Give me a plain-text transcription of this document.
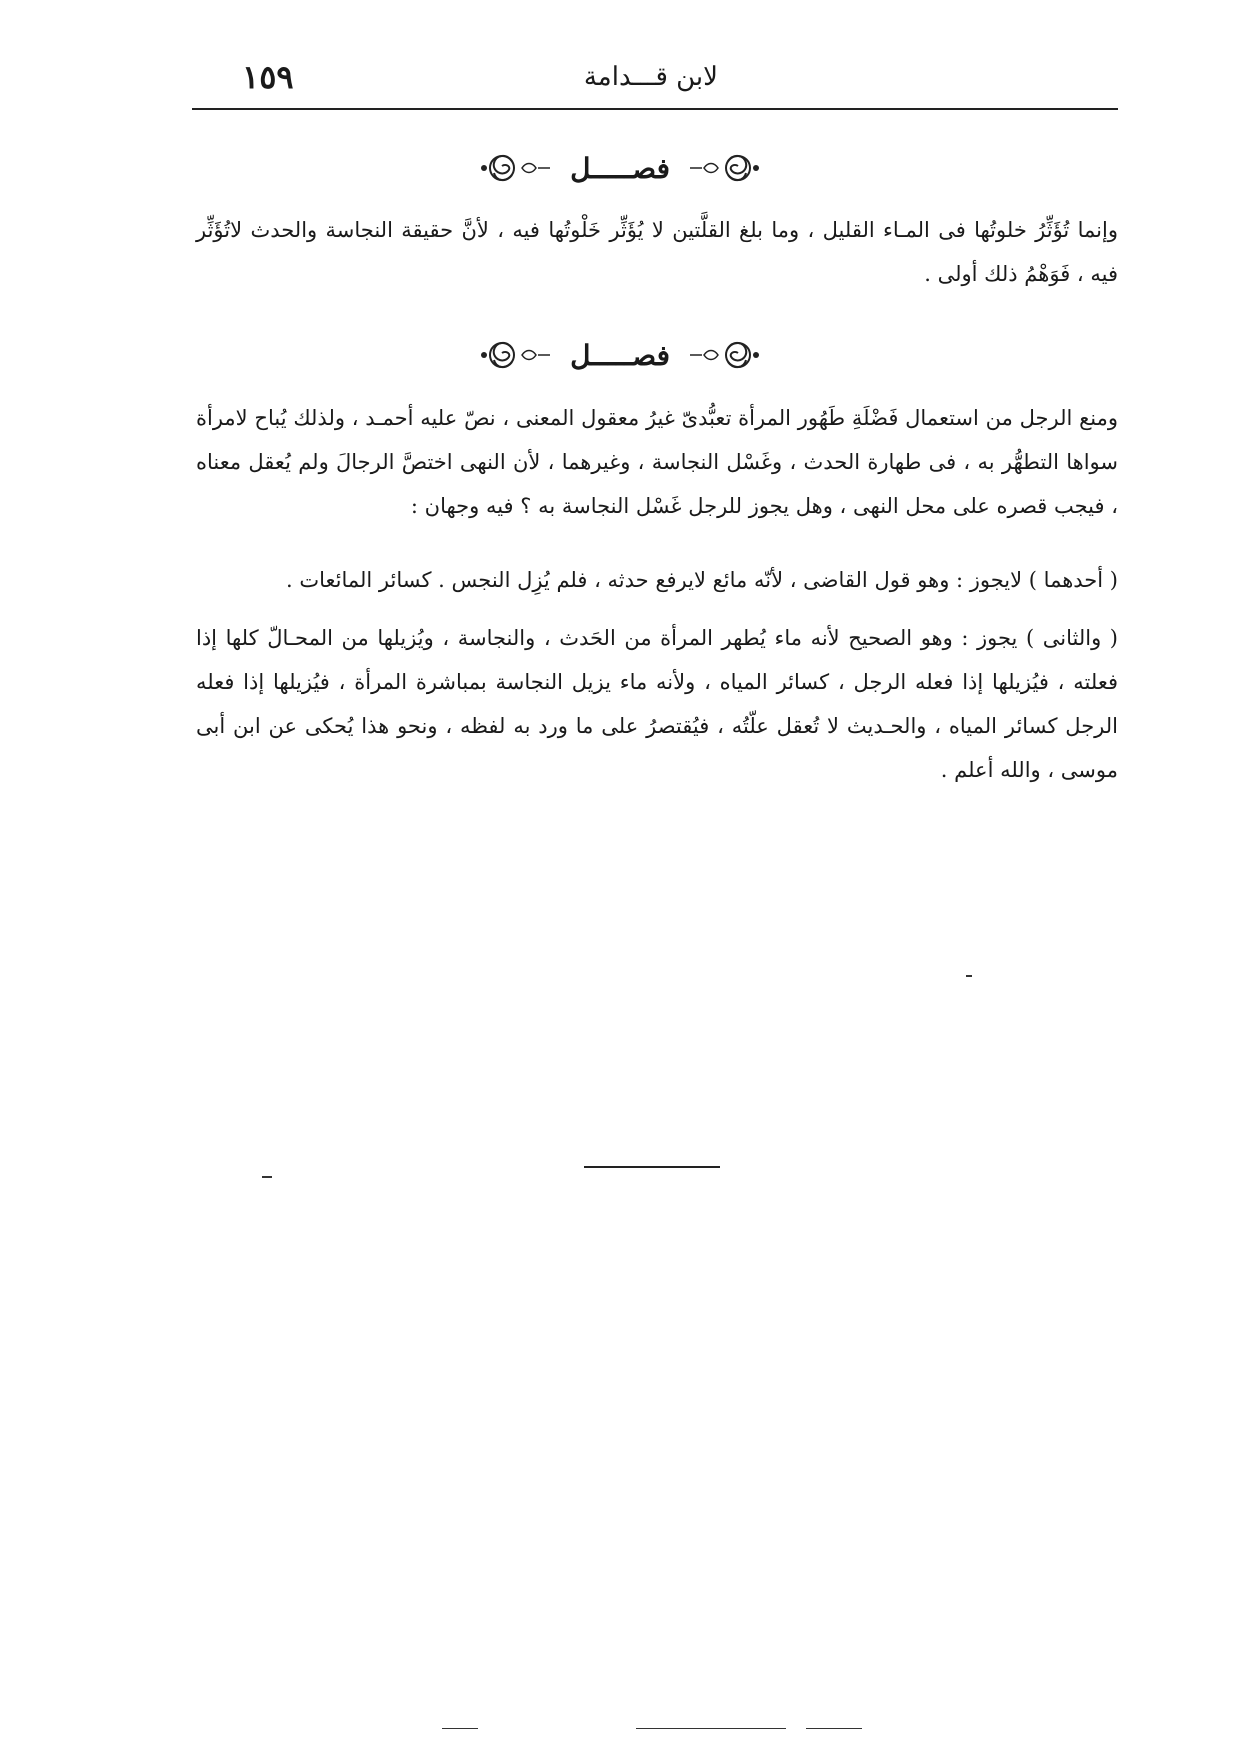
لابن قـــدامة
١٥٩
فصـــــل

وإنما تُؤَثِّرُ خلوتُها فى المـاء القليل ، وما بلغ القلَّتين لا يُؤَثِّر خَلْوتُها فيه ، لأنَّ حقيقة النجاسة والحدث لاتُؤَثِّر فيه ، فَوَهْمُ ذلك أولى .

فصـــــل

ومنع الرجل من استعمال فَضْلَةِ طَهُور المرأة تعبُّدىّ غيرُ معقول المعنى ، نصّ عليه أحمـد ، ولذلك يُباح لامرأة سواها التطهُّر به ، فى طهارة الحدث ، وغَسْل النجاسة ، وغيرهما ، لأن النهى اختصَّ الرجالَ ولم يُعقل معناه ، فيجب قصره على محل النهى ، وهل يجوز للرجل غَسْل النجاسة به ؟ فيه وجهان :

( أحدهما ) لايجوز : وهو قول القاضى ، لأنّه مائع لايرفع حدثه ، فلم يُزِل النجس . كسائر المائعات .

( والثانى ) يجوز : وهو الصحيح لأنه ماء يُطهر المرأة من الحَدث ، والنجاسة ، ويُزيلها من المحـالّ كلها إذا فعلته ، فيُزيلها إذا فعله الرجل ، كسائر المياه ، ولأنه ماء يزيل النجاسة بمباشرة المرأة ، فيُزيلها إذا فعله الرجل كسائر المياه ، والحـديث لا تُعقل علّتُه ، فيُقتصرُ على ما ورد به لفظه ، ونحو هذا يُحكى عن ابن أبى موسى ، والله أعلم .
